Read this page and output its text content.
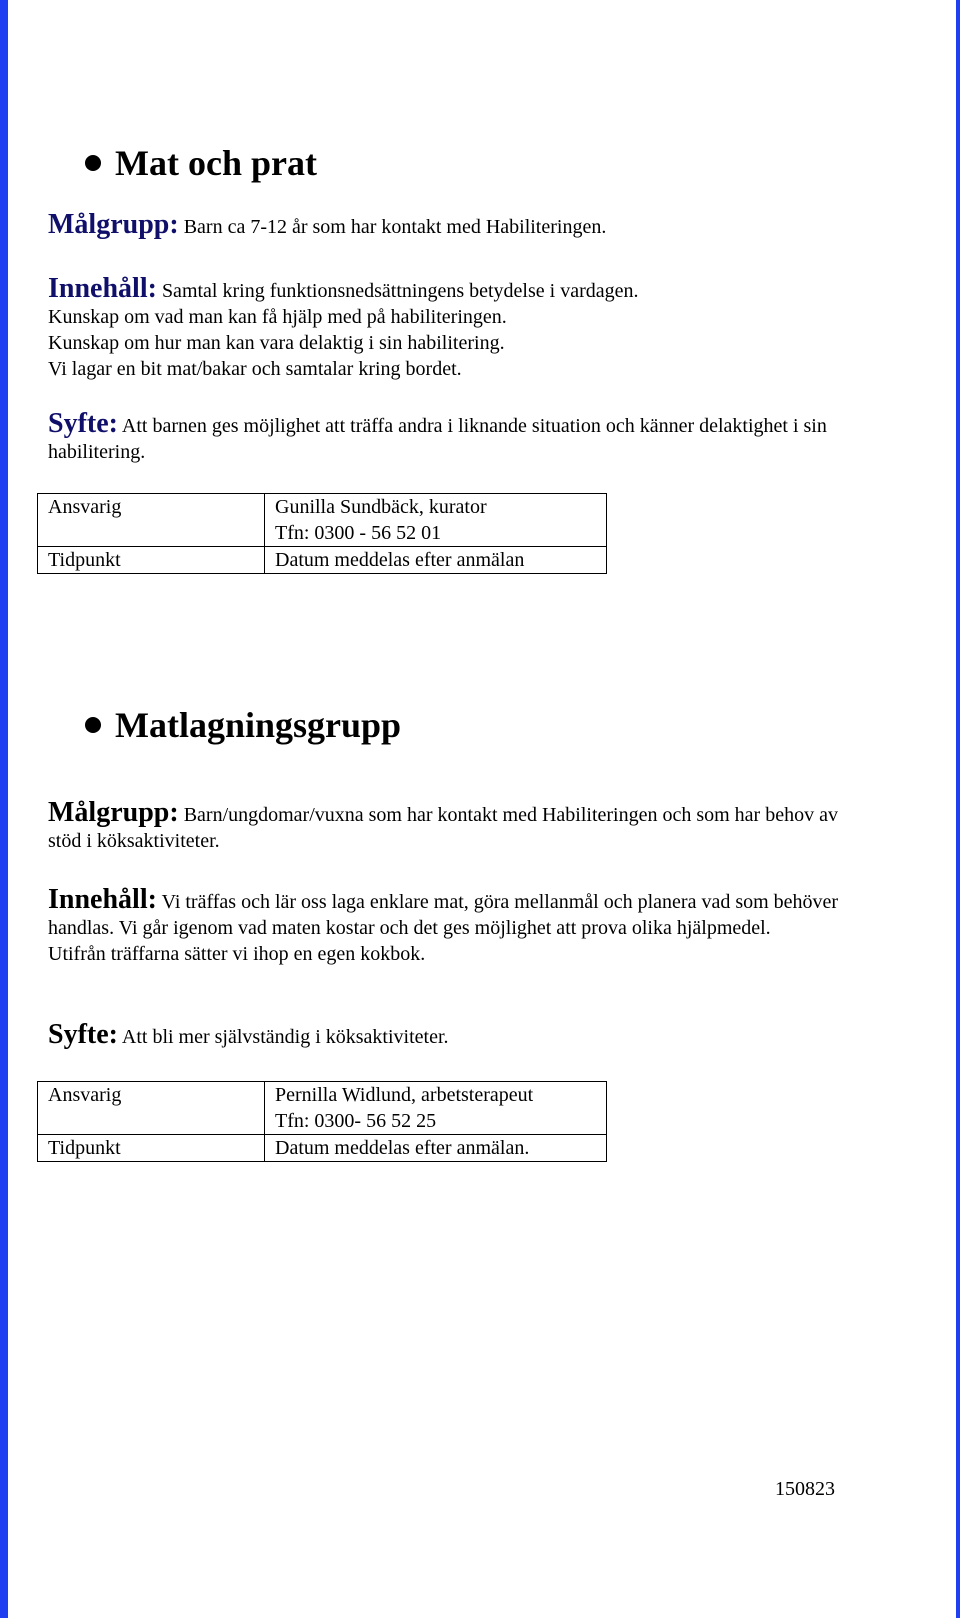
Mat och prat

Målgrupp: Barn ca 7-12 år som har kontakt med Habiliteringen.

Innehåll: Samtal kring funktionsnedsättningens betydelse i vardagen.
Kunskap om vad man kan få hjälp med på habiliteringen.
Kunskap om hur man kan vara delaktig i sin habilitering.
Vi lagar en bit mat/bakar och samtalar kring bordet.

Syfte: Att barnen ges möjlighet att träffa andra i liknande situation och känner delaktighet i sin habilitering.

Ansvarig	Gunilla Sundbäck, kurator
Tfn: 0300 - 56 52 01

Tidpunkt	Datum meddelas efter anmälan
Matlagningsgrupp

Målgrupp: Barn/ungdomar/vuxna som har kontakt med Habiliteringen och som har behov av stöd i köksaktiviteter.

Innehåll: Vi träffas och lär oss laga enklare mat, göra mellanmål och planera vad som behöver handlas. Vi går igenom vad maten kostar och det ges möjlighet att prova olika hjälpmedel.
Utifrån träffarna sätter vi ihop en egen kokbok.

Syfte: Att bli mer självständig i köksaktiviteter.

Ansvarig	Pernilla Widlund, arbetsterapeut
Tfn: 0300- 56 52 25

Tidpunkt	Datum meddelas efter anmälan.
150823
